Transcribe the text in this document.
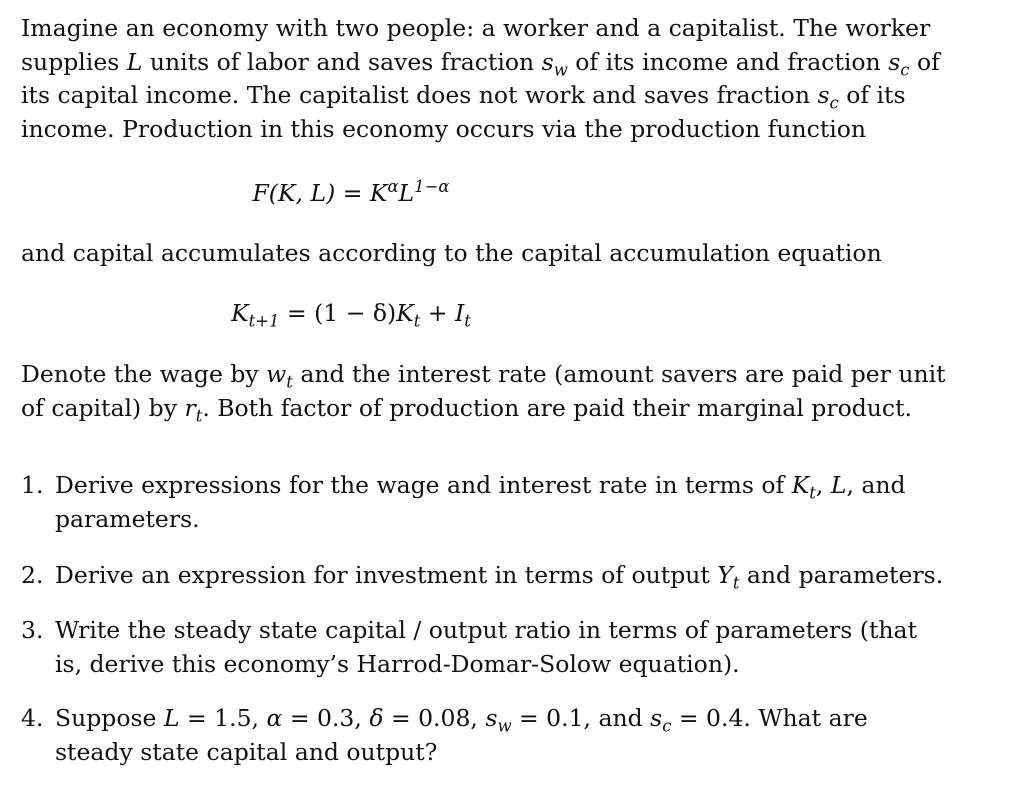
Imagine an economy with two people: a worker and a capitalist. The worker

supplies L units of labor and saves fraction $s_w$ of its income and fraction $s_c$ of

its capital income. The capitalist does not work and saves fraction $s_c$ of its

income. Production in this economy occurs via the production function

F(K, $L) = K^\alpha L^{1-\alpha}$

and capital accumulates according to the capital accumulation equation

$K_{t+1} = (1 - \delta)K_t + I_t$

Denote the wage by $w_t$ and the interest rate (amount savers are paid per unit

of capital) by $r_t$. Both factor of production are paid their marginal product.

1. Derive expressions for the wage and interest rate in terms of $K_t$, L, and

parameters.

2. Derive an expression for investment in terms of output $Y_t$ and parameters.

3. Write the steady state capital / output ratio in terms of parameters (that

is, derive this economy’s Harrod-Domar-Solow equation).

4. Suppose L = 1.5, α = 0.3, δ = 0.08, $s_w = 0.1$, and $s_c = 0.4$. What are

steady state capital and output?
